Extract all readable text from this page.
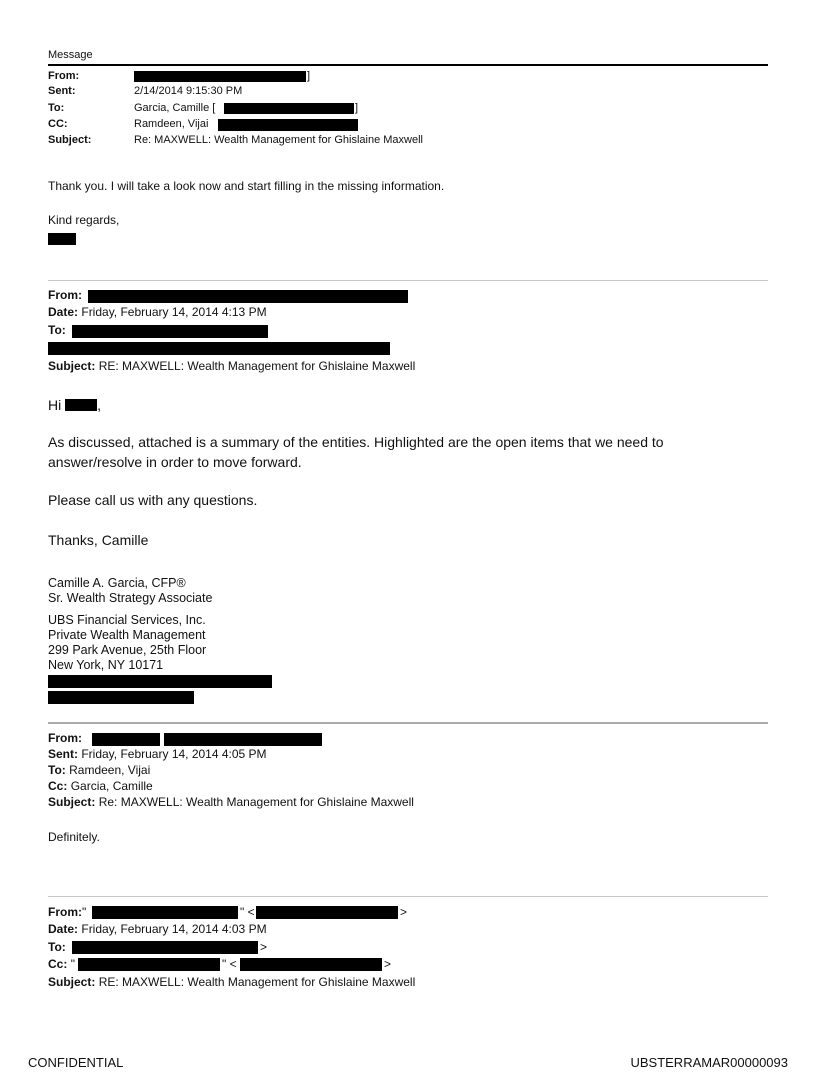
Message
From:	]
Sent:	2/14/2014 9:15:30 PM
To:	Garcia, Camille [	]
CC:	Ramdeen, Vijai
Subject:	Re: MAXWELL: Wealth Management for Ghislaine Maxwell
Thank you. I will take a look now and start filling in the missing information.
Kind regards,
From:
Date: Friday, February 14, 2014 4:13 PM
To:
Subject: RE: MAXWELL: Wealth Management for Ghislaine Maxwell
Hi	,
As discussed, attached is a summary of the entities. Highlighted are the open items that we need to
answer/resolve in order to move forward.
Please call us with any questions.
Thanks, Camille
Camille A. Garcia, CFP®
Sr. Wealth Strategy Associate
UBS Financial Services, Inc.
Private Wealth Management
299 Park Avenue, 25th Floor
New York, NY 10171
From:
Sent: Friday, February 14, 2014 4:05 PM
To: Ramdeen, Vijai
Cc: Garcia, Camille
Subject: Re: MAXWELL: Wealth Management for Ghislaine Maxwell
Definitely.
From:"	" <	>
Date: Friday, February 14, 2014 4:03 PM
To:	>
Cc: "	" <	>
Subject: RE: MAXWELL: Wealth Management for Ghislaine Maxwell
CONFIDENTIAL	UBSTERRAMAR00000093
